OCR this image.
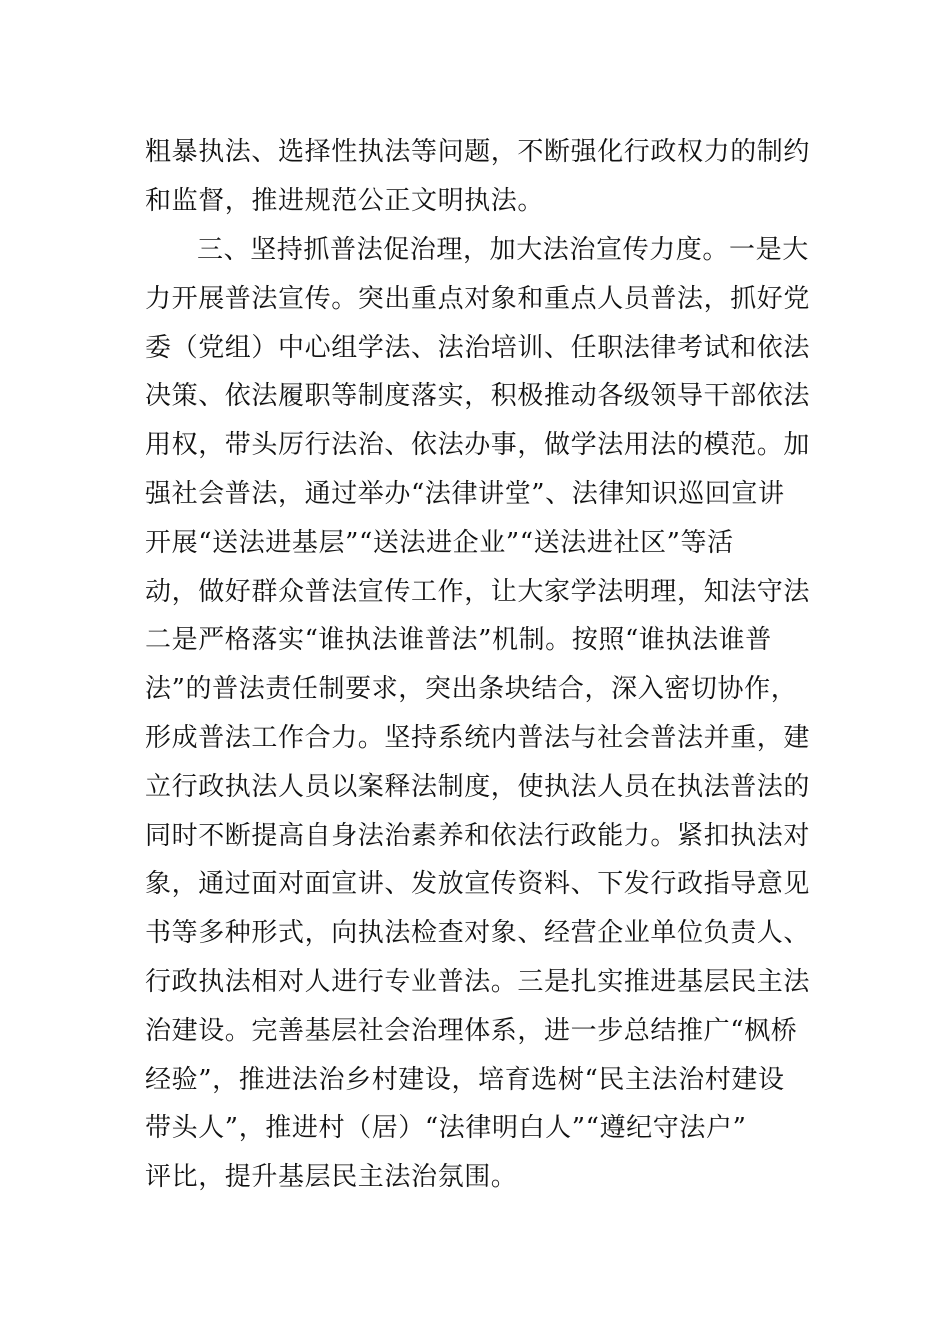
粗暴执法、选择性执法等问题，不断强化行政权力的制约
和监督，推进规范公正文明执法。
三、坚持抓普法促治理，加大法治宣传力度。一是大
力开展普法宣传。突出重点对象和重点人员普法，抓好党
委（党组）中心组学法、法治培训、任职法律考试和依法
决策、依法履职等制度落实，积极推动各级领导干部依法
用权，带头厉行法治、依法办事，做学法用法的模范。加
强社会普法，通过举办“法律讲堂”、法律知识巡回宣讲
开展“送法进基层”“送法进企业”“送法进社区”等活
动，做好群众普法宣传工作，让大家学法明理，知法守法
二是严格落实“谁执法谁普法”机制。按照“谁执法谁普
法”的普法责任制要求，突出条块结合，深入密切协作，
形成普法工作合力。坚持系统内普法与社会普法并重，建
立行政执法人员以案释法制度，使执法人员在执法普法的
同时不断提高自身法治素养和依法行政能力。紧扣执法对
象，通过面对面宣讲、发放宣传资料、下发行政指导意见
书等多种形式，向执法检查对象、经营企业单位负责人、
行政执法相对人进行专业普法。三是扎实推进基层民主法
治建设。完善基层社会治理体系，进一步总结推广“枫桥
经验”，推进法治乡村建设，培育选树“民主法治村建设
带头人”，推进村（居）“法律明白人”“遵纪守法户”
评比，提升基层民主法治氛围。
